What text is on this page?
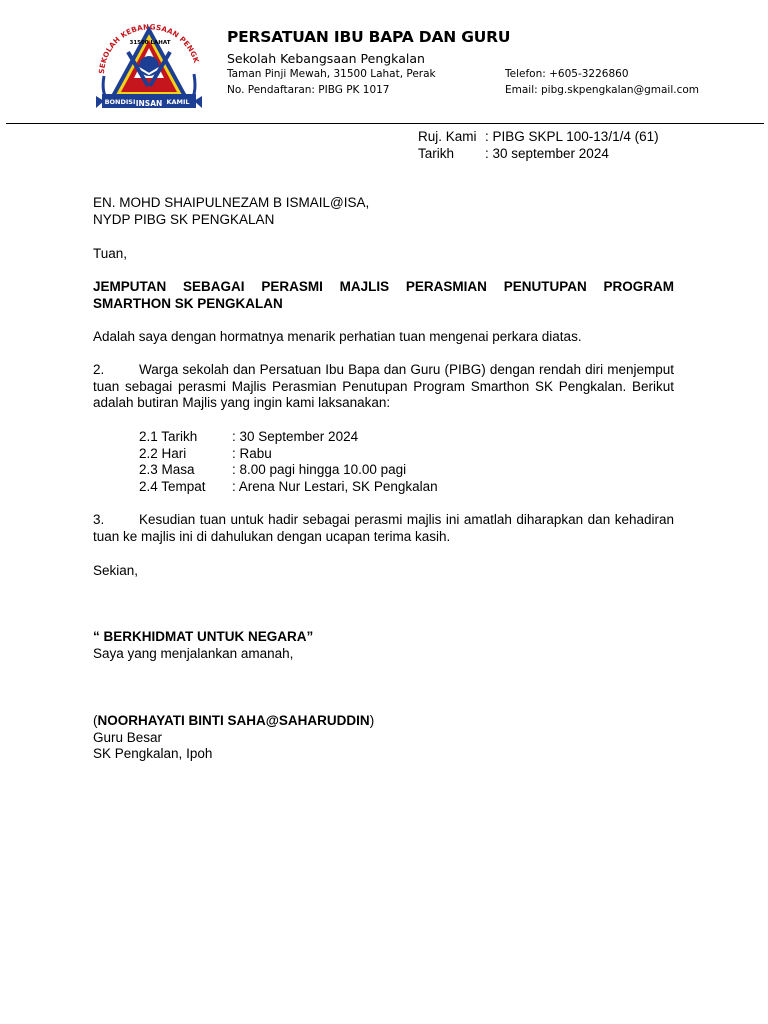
SEKOLAH KEBANGSAAN PENGK
31500 LAHAT
BONDISI INSAN KAMIL
PERSATUAN IBU BAPA DAN GURU
Sekolah Kebangsaan Pengkalan
Taman Pinji Mewah, 31500 Lahat, Perak
No. Pendaftaran: PIBG PK 1017
Telefon: +605-3226860
Email: pibg.skpengkalan@gmail.com
Ruj. Kami : PIBG SKPL 100-13/1/4 (61)
Tarikh	: 30 september 2024
EN. MOHD SHAIPULNEZAM B ISMAIL@ISA,
NYDP PIBG SK PENGKALAN
Tuan,
JEMPUTAN SEBAGAI PERASMI MAJLIS PERASMIAN PENUTUPAN PROGRAM SMARTHON SK PENGKALAN
Adalah saya dengan hormatnya menarik perhatian tuan mengenai perkara diatas.
2.	Warga sekolah dan Persatuan Ibu Bapa dan Guru (PIBG) dengan rendah diri menjemput tuan sebagai perasmi Majlis Perasmian Penutupan Program Smarthon SK Pengkalan. Berikut adalah butiran Majlis yang ingin kami laksanakan:
2.1 Tarikh	: 30 September 2024
2.2 Hari	: Rabu
2.3 Masa	: 8.00 pagi hingga 10.00 pagi
2.4 Tempat	: Arena Nur Lestari, SK Pengkalan
3.	Kesudian tuan untuk hadir sebagai perasmi majlis ini amatlah diharapkan dan kehadiran tuan ke majlis ini di dahulukan dengan ucapan terima kasih.
Sekian,
“ BERKHIDMAT UNTUK NEGARA”
Saya yang menjalankan amanah,
(NOORHAYATI BINTI SAHA@SAHARUDDIN)
Guru Besar
SK Pengkalan, Ipoh
